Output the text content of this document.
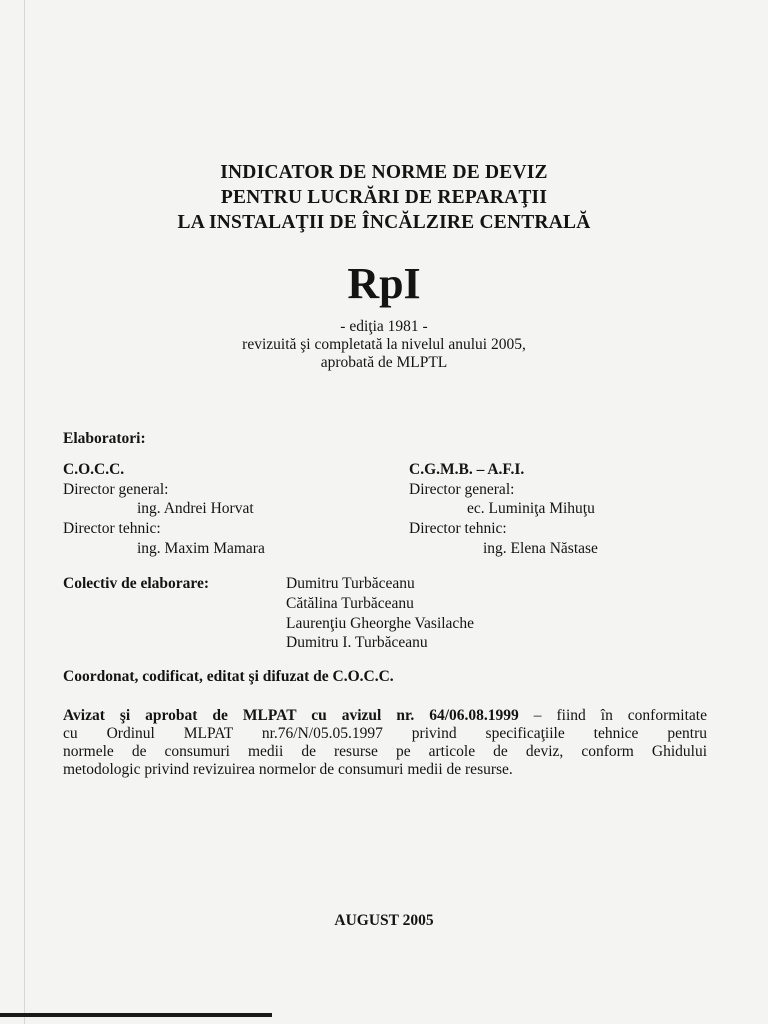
INDICATOR DE NORME DE DEVIZ
PENTRU LUCRĂRI DE REPARAŢII
LA INSTALAŢII DE ÎNCĂLZIRE CENTRALĂ
RpI
- ediţia 1981 -
revizuită şi completată la nivelul anului 2005,
aprobată de MLPTL
Elaboratori:
C.O.C.C.
Director general:
ing. Andrei Horvat
Director tehnic:
ing. Maxim Mamara
C.G.M.B. – A.F.I.
Director general:
ec. Luminiţa Mihuţu
Director tehnic:
ing. Elena Năstase
Colectiv de elaborare:	Dumitru Turbăceanu
Cătălina Turbăceanu
Laurenţiu Gheorghe Vasilache
Dumitru I. Turbăceanu
Coordonat, codificat, editat şi difuzat de C.O.C.C.
Avizat şi aprobat de MLPAT cu avizul nr. 64/06.08.1999 – fiind în conformitate
cu Ordinul MLPAT nr.76/N/05.05.1997 privind specificaţiile tehnice pentru
normele de consumuri medii de resurse pe articole de deviz, conform Ghidului
metodologic privind revizuirea normelor de consumuri medii de resurse.
AUGUST 2005
